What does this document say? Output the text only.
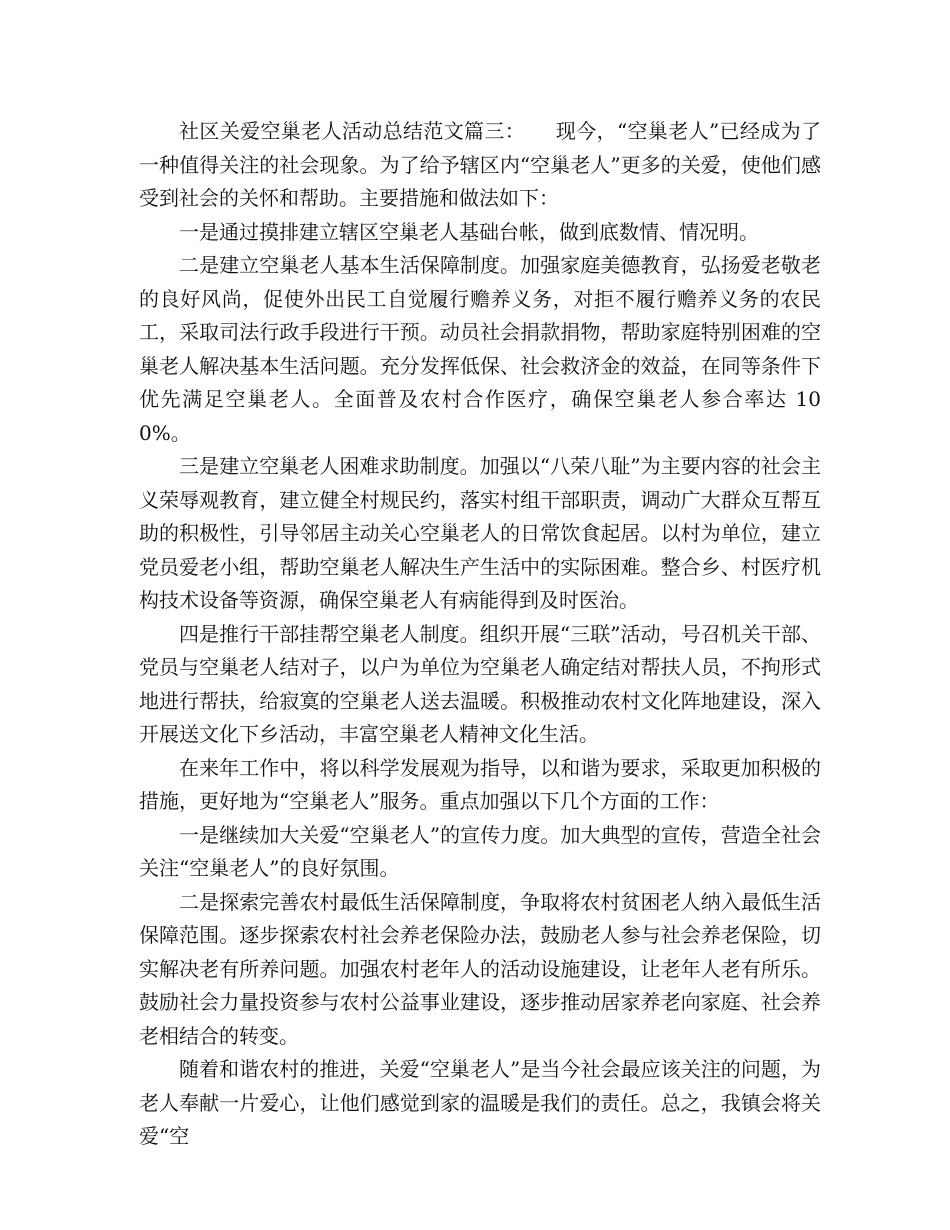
社区关爱空巢老人活动总结范文篇三：　　现今，“空巢老人”已经成为了一种值得关注的社会现象。为了给予辖区内“空巢老人”更多的关爱，使他们感受到社会的关怀和帮助。主要措施和做法如下：

一是通过摸排建立辖区空巢老人基础台帐，做到底数情、情况明。

二是建立空巢老人基本生活保障制度。加强家庭美德教育，弘扬爱老敬老的良好风尚，促使外出民工自觉履行赡养义务，对拒不履行赡养义务的农民工，采取司法行政手段进行干预。动员社会捐款捐物，帮助家庭特别困难的空巢老人解决基本生活问题。充分发挥低保、社会救济金的效益，在同等条件下优先满足空巢老人。全面普及农村合作医疗，确保空巢老人参合率达 100%。

三是建立空巢老人困难求助制度。加强以“八荣八耻”为主要内容的社会主义荣辱观教育，建立健全村规民约，落实村组干部职责，调动广大群众互帮互助的积极性，引导邻居主动关心空巢老人的日常饮食起居。以村为单位，建立党员爱老小组，帮助空巢老人解决生产生活中的实际困难。整合乡、村医疗机构技术设备等资源，确保空巢老人有病能得到及时医治。

四是推行干部挂帮空巢老人制度。组织开展“三联”活动，号召机关干部、党员与空巢老人结对子，以户为单位为空巢老人确定结对帮扶人员，不拘形式地进行帮扶，给寂寞的空巢老人送去温暖。积极推动农村文化阵地建设，深入开展送文化下乡活动，丰富空巢老人精神文化生活。

在来年工作中，将以科学发展观为指导，以和谐为要求，采取更加积极的措施，更好地为“空巢老人”服务。重点加强以下几个方面的工作：

一是继续加大关爱“空巢老人”的宣传力度。加大典型的宣传，营造全社会关注“空巢老人”的良好氛围。

二是探索完善农村最低生活保障制度，争取将农村贫困老人纳入最低生活保障范围。逐步探索农村社会养老保险办法，鼓励老人参与社会养老保险，切实解决老有所养问题。加强农村老年人的活动设施建设，让老年人老有所乐。鼓励社会力量投资参与农村公益事业建设，逐步推动居家养老向家庭、社会养老相结合的转变。

随着和谐农村的推进，关爱“空巢老人”是当今社会最应该关注的问题，为老人奉献一片爱心，让他们感觉到家的温暖是我们的责任。总之，我镇会将关爱“空
